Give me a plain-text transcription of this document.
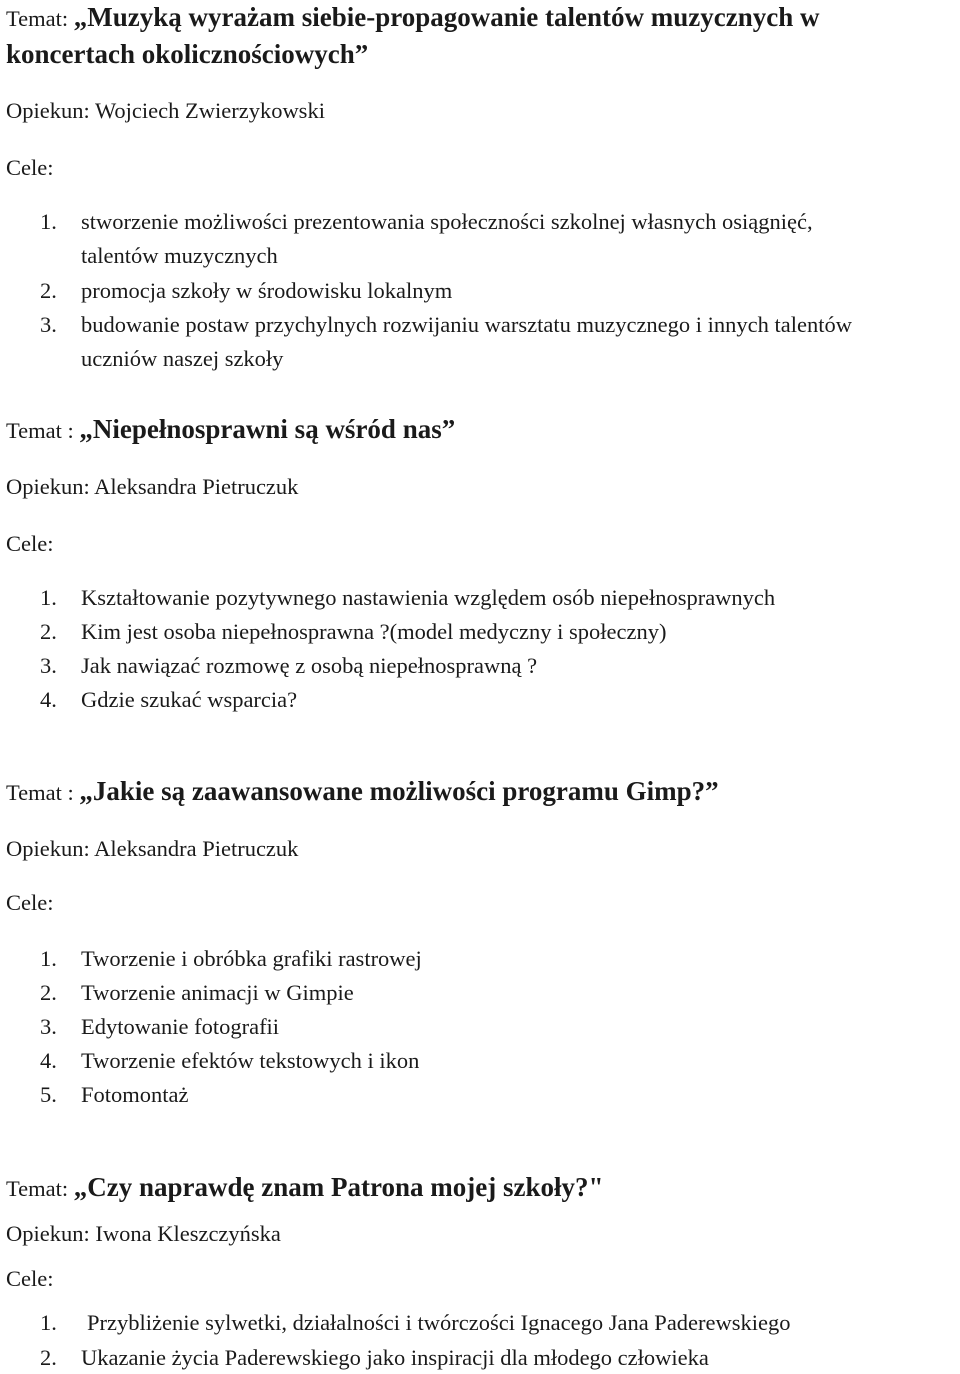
Temat: „Muzyką wyrażam siebie-propagowanie talentów muzycznych w
koncertach okolicznościowych”
Opiekun: Wojciech Zwierzykowski
Cele:
1. stworzenie możliwości prezentowania społeczności szkolnej własnych osiągnięć,
talentów muzycznych
2. promocja szkoły w środowisku lokalnym
3. budowanie postaw przychylnych rozwijaniu warsztatu muzycznego i innych talentów
uczniów naszej szkoły
Temat : „Niepełnosprawni są wśród nas”
Opiekun: Aleksandra Pietruczuk
Cele:
1. Kształtowanie pozytywnego nastawienia względem osób niepełnosprawnych
2. Kim jest osoba niepełnosprawna ?(model medyczny i społeczny)
3. Jak nawiązać rozmowę z osobą niepełnosprawną ?
4. Gdzie szukać wsparcia?
Temat : „Jakie są zaawansowane możliwości programu Gimp?”
Opiekun: Aleksandra Pietruczuk
Cele:
1. Tworzenie i obróbka grafiki rastrowej
2. Tworzenie animacji w Gimpie
3. Edytowanie fotografii
4. Tworzenie efektów tekstowych i ikon
5. Fotomontaż
Temat: „Czy naprawdę znam Patrona mojej szkoły?"
Opiekun: Iwona Kleszczyńska
Cele:
1. Przybliżenie sylwetki, działalności i twórczości Ignacego Jana Paderewskiego
2. Ukazanie życia Paderewskiego jako inspiracji dla młodego człowieka
